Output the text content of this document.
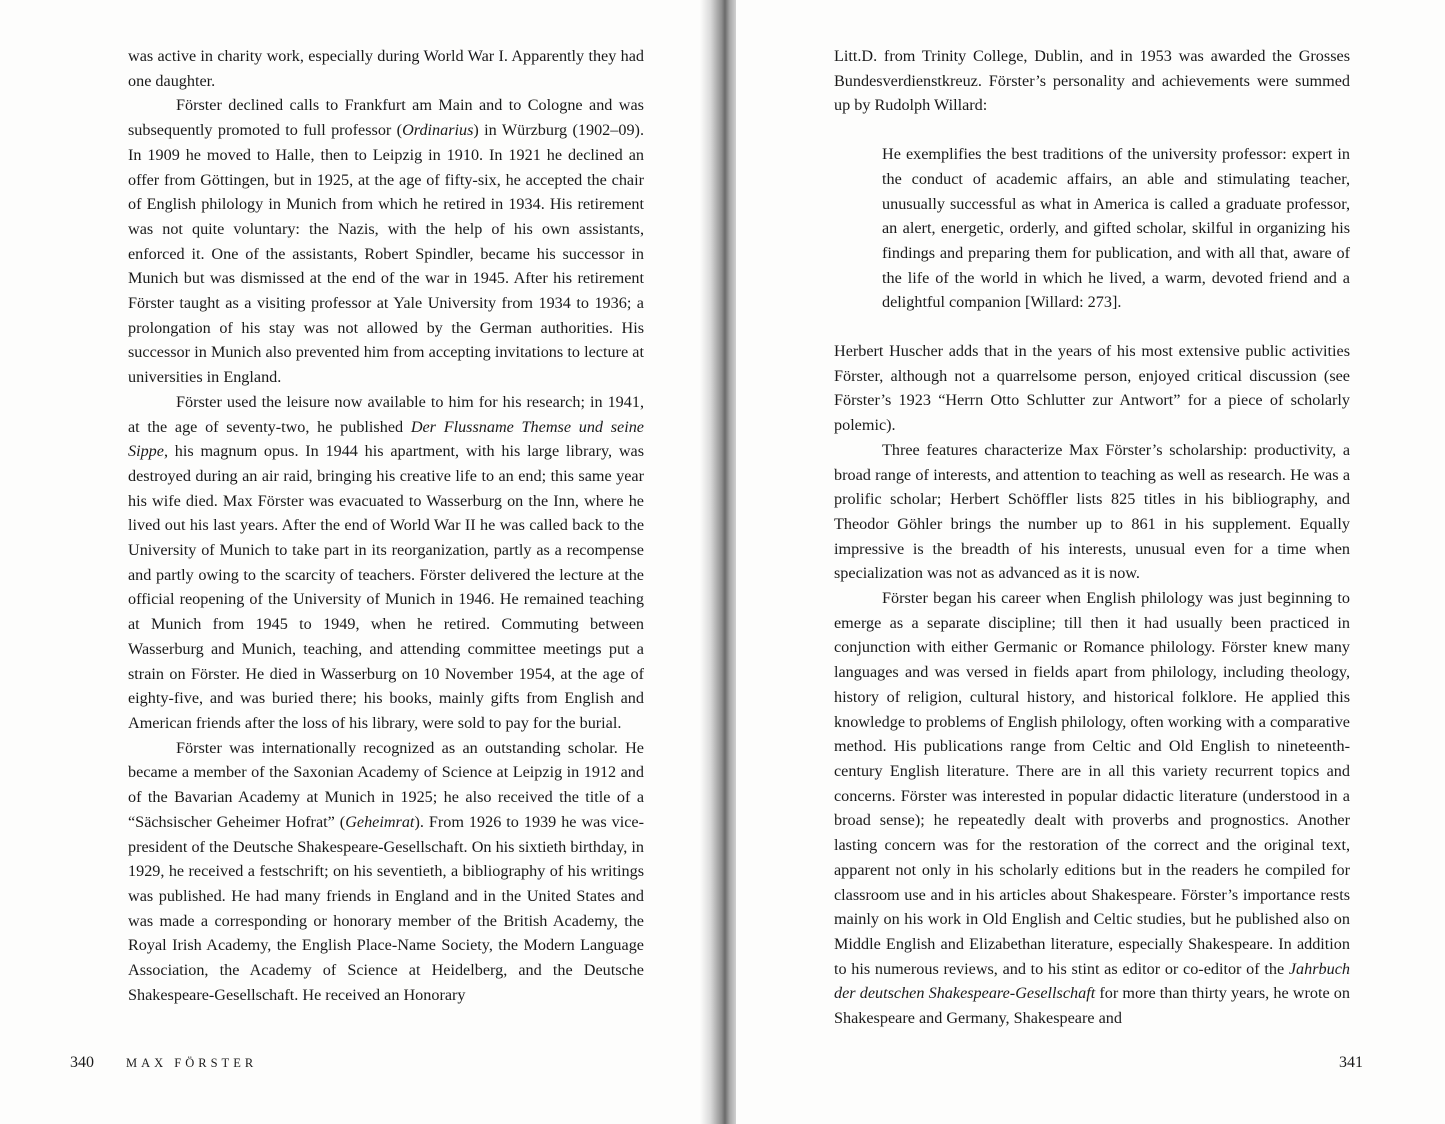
was active in charity work, especially during World War I. Apparently they had one daughter.

Förster declined calls to Frankfurt am Main and to Cologne and was subsequently promoted to full professor (Ordinarius) in Würzburg (1902–09). In 1909 he moved to Halle, then to Leipzig in 1910. In 1921 he declined an offer from Göttingen, but in 1925, at the age of fifty-six, he accepted the chair of English philology in Munich from which he retired in 1934. His retirement was not quite voluntary: the Nazis, with the help of his own assistants, enforced it. One of the assistants, Robert Spindler, became his successor in Munich but was dismissed at the end of the war in 1945. After his retirement Förster taught as a visiting professor at Yale University from 1934 to 1936; a prolongation of his stay was not allowed by the German authorities. His successor in Munich also prevented him from accepting invitations to lecture at universities in England.

Förster used the leisure now available to him for his research; in 1941, at the age of seventy-two, he published Der Flussname Themse und seine Sippe, his magnum opus. In 1944 his apartment, with his large library, was destroyed during an air raid, bringing his creative life to an end; this same year his wife died. Max Förster was evacuated to Wasserburg on the Inn, where he lived out his last years. After the end of World War II he was called back to the University of Munich to take part in its reorganization, partly as a recompense and partly owing to the scarcity of teachers. Förster delivered the lecture at the official reopening of the University of Munich in 1946. He remained teaching at Munich from 1945 to 1949, when he retired. Commuting between Wasserburg and Munich, teaching, and attending committee meetings put a strain on Förster. He died in Wasserburg on 10 November 1954, at the age of eighty-five, and was buried there; his books, mainly gifts from English and American friends after the loss of his library, were sold to pay for the burial.

Förster was internationally recognized as an outstanding scholar. He became a member of the Saxonian Academy of Science at Leipzig in 1912 and of the Bavarian Academy at Munich in 1925; he also received the title of a “Sächsischer Geheimer Hofrat” (Geheimrat). From 1926 to 1939 he was vice-president of the Deutsche Shakespeare-Gesellschaft. On his sixtieth birthday, in 1929, he received a festschrift; on his seventieth, a bibliography of his writings was published. He had many friends in England and in the United States and was made a corresponding or honorary member of the British Academy, the Royal Irish Academy, the English Place-Name Society, the Modern Language Association, the Academy of Science at Heidelberg, and the Deutsche Shakespeare-Gesellschaft. He received an Honorary

340	MAX FÖRSTER

Litt.D. from Trinity College, Dublin, and in 1953 was awarded the Grosses Bundesverdienstkreuz. Förster’s personality and achievements were summed up by Rudolph Willard:

He exemplifies the best traditions of the university professor: expert in the conduct of academic affairs, an able and stimulating teacher, unusually successful as what in America is called a graduate professor, an alert, energetic, orderly, and gifted scholar, skilful in organizing his findings and preparing them for publication, and with all that, aware of the life of the world in which he lived, a warm, devoted friend and a delightful companion [Willard: 273].

Herbert Huscher adds that in the years of his most extensive public activities Förster, although not a quarrelsome person, enjoyed critical discussion (see Förster’s 1923 “Herrn Otto Schlutter zur Antwort” for a piece of scholarly polemic).

Three features characterize Max Förster’s scholarship: productivity, a broad range of interests, and attention to teaching as well as research. He was a prolific scholar; Herbert Schöffler lists 825 titles in his bibliography, and Theodor Göhler brings the number up to 861 in his supplement. Equally impressive is the breadth of his interests, unusual even for a time when specialization was not as advanced as it is now.

Förster began his career when English philology was just beginning to emerge as a separate discipline; till then it had usually been practiced in conjunction with either Germanic or Romance philology. Förster knew many languages and was versed in fields apart from philology, including theology, history of religion, cultural history, and historical folklore. He applied this knowledge to problems of English philology, often working with a comparative method. His publications range from Celtic and Old English to nineteenth-century English literature. There are in all this variety recurrent topics and concerns. Förster was interested in popular didactic literature (understood in a broad sense); he repeatedly dealt with proverbs and prognostics. Another lasting concern was for the restoration of the correct and the original text, apparent not only in his scholarly editions but in the readers he compiled for classroom use and in his articles about Shakespeare. Förster’s importance rests mainly on his work in Old English and Celtic studies, but he published also on Middle English and Elizabethan literature, especially Shakespeare. In addition to his numerous reviews, and to his stint as editor or co-editor of the Jahrbuch der deutschen Shakespeare-Gesellschaft for more than thirty years, he wrote on Shakespeare and Germany, Shakespeare and

341
